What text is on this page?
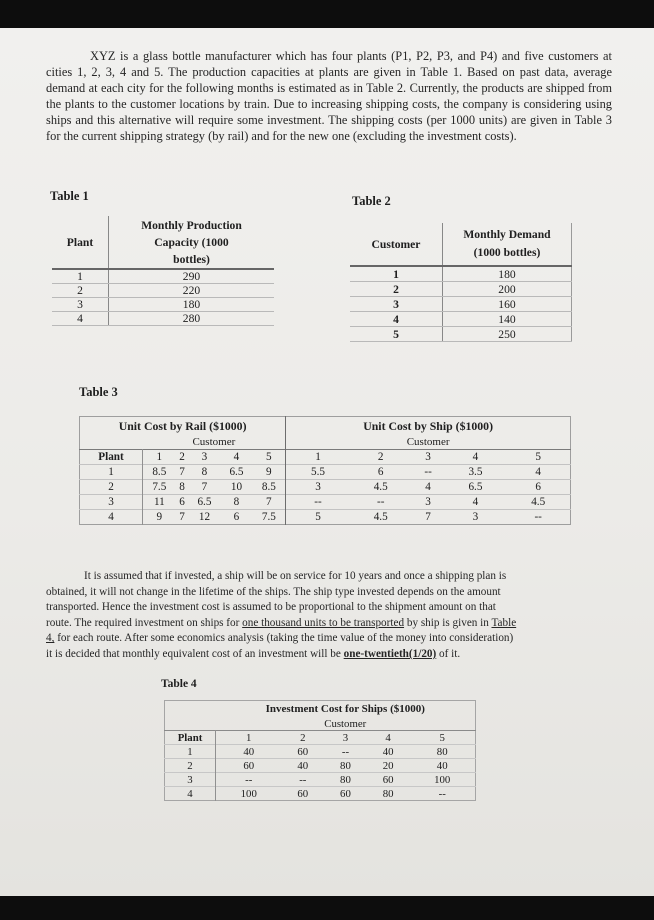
XYZ is a glass bottle manufacturer which has four plants (P1, P2, P3, and P4) and five customers at cities 1, 2, 3, 4 and 5. The production capacities at plants are given in Table 1. Based on past data, average demand at each city for the following months is estimated as in Table 2. Currently, the products are shipped from the plants to the customer locations by train. Due to increasing shipping costs, the company is considering using ships and this alternative will require some investment. The shipping costs (per 1000 units) are given in Table 3 for the current shipping strategy (by rail) and for the new one (excluding the investment costs).

Table 1
Plant	Monthly Production
Capacity (1000
bottles)
1	290
2	220
3	180
4	280
Table 2
Customer	Monthly Demand
(1000 bottles)
1	180
2	200
3	160
4	140
5	250
Table 3
Unit Cost by Rail ($1000)						Unit Cost by Ship ($1000)				
	Customer					Customer				
Plant	1	2	3	4	5	1	2	3	4	5
1	8.5	7	8	6.5	9	5.5	6	--	3.5	4
2	7.5	8	7	10	8.5	3	4.5	4	6.5	6
3	11	6	6.5	8	7	--	--	3	4	4.5
4	9	7	12	6	7.5	5	4.5	7	3	--

It is assumed that if invested, a ship will be on service for 10 years and once a shipping plan is
obtained, it will not change in the lifetime of the ships. The ship type invested depends on the amount
transported. Hence the investment cost is assumed to be proportional to the shipment amount on that
route. The required investment on ships for one thousand units to be transported by ship is given in Table
4, for each route. After some economics analysis (taking the time value of the money into consideration)
it is decided that monthly equivalent cost of an investment will be one-twentieth(1/20) of it.

Table 4
	Investment Cost for Ships ($1000)				
	Customer				
Plant	1	2	3	4	5
1	40	60	--	40	80
2	60	40	80	20	40
3	--	--	80	60	100
4	100	60	60	80	--
